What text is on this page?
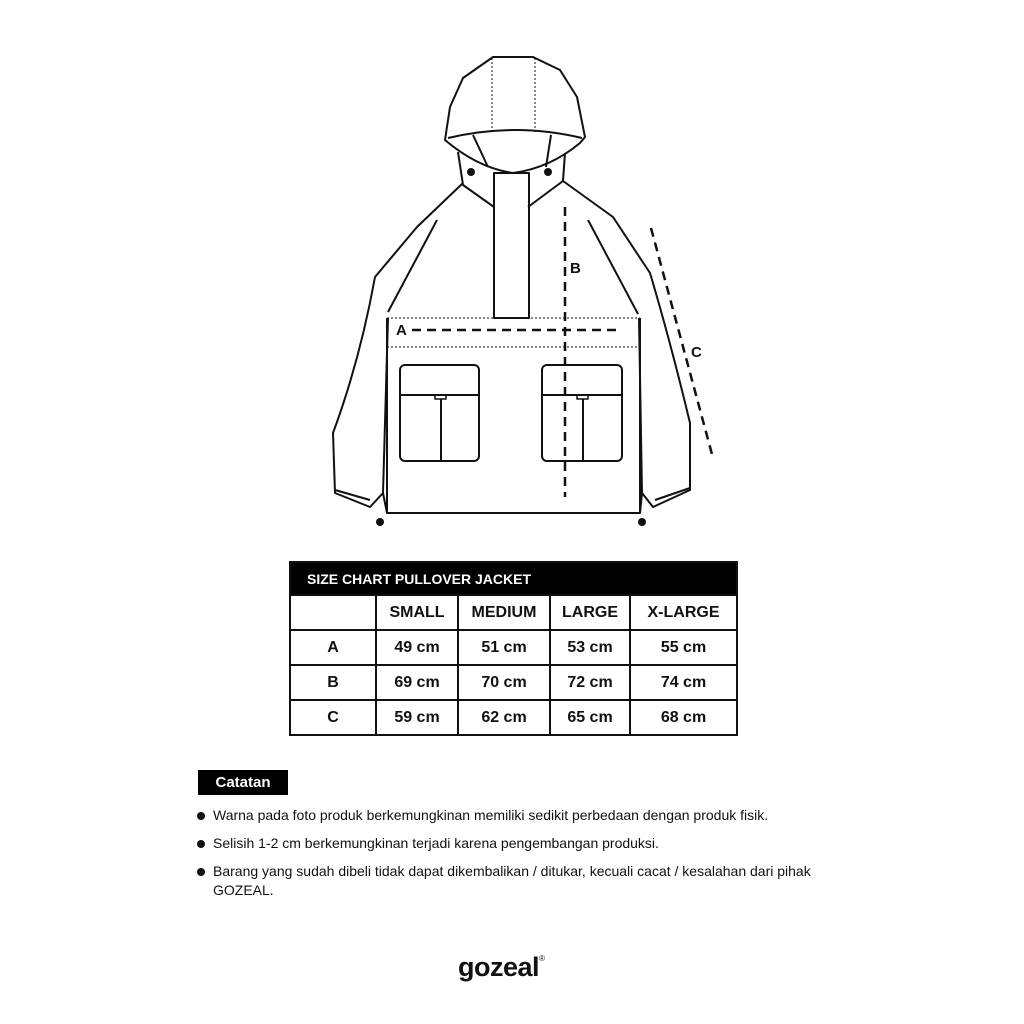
A
B
C
SIZE CHART PULLOVER JACKET				
	SMALL	MEDIUM	LARGE	X-LARGE
A	49 cm	51 cm	53 cm	55 cm
B	69 cm	70 cm	72 cm	74 cm
C	59 cm	62 cm	65 cm	68 cm
Catatan
Warna pada foto produk berkemungkinan memiliki sedikit perbedaan dengan produk fisik.
Selisih 1-2 cm berkemungkinan terjadi karena pengembangan produksi.
Barang yang sudah dibeli tidak dapat dikembalikan / ditukar, kecuali cacat / kesalahan dari pihak GOZEAL.
gozeal®
